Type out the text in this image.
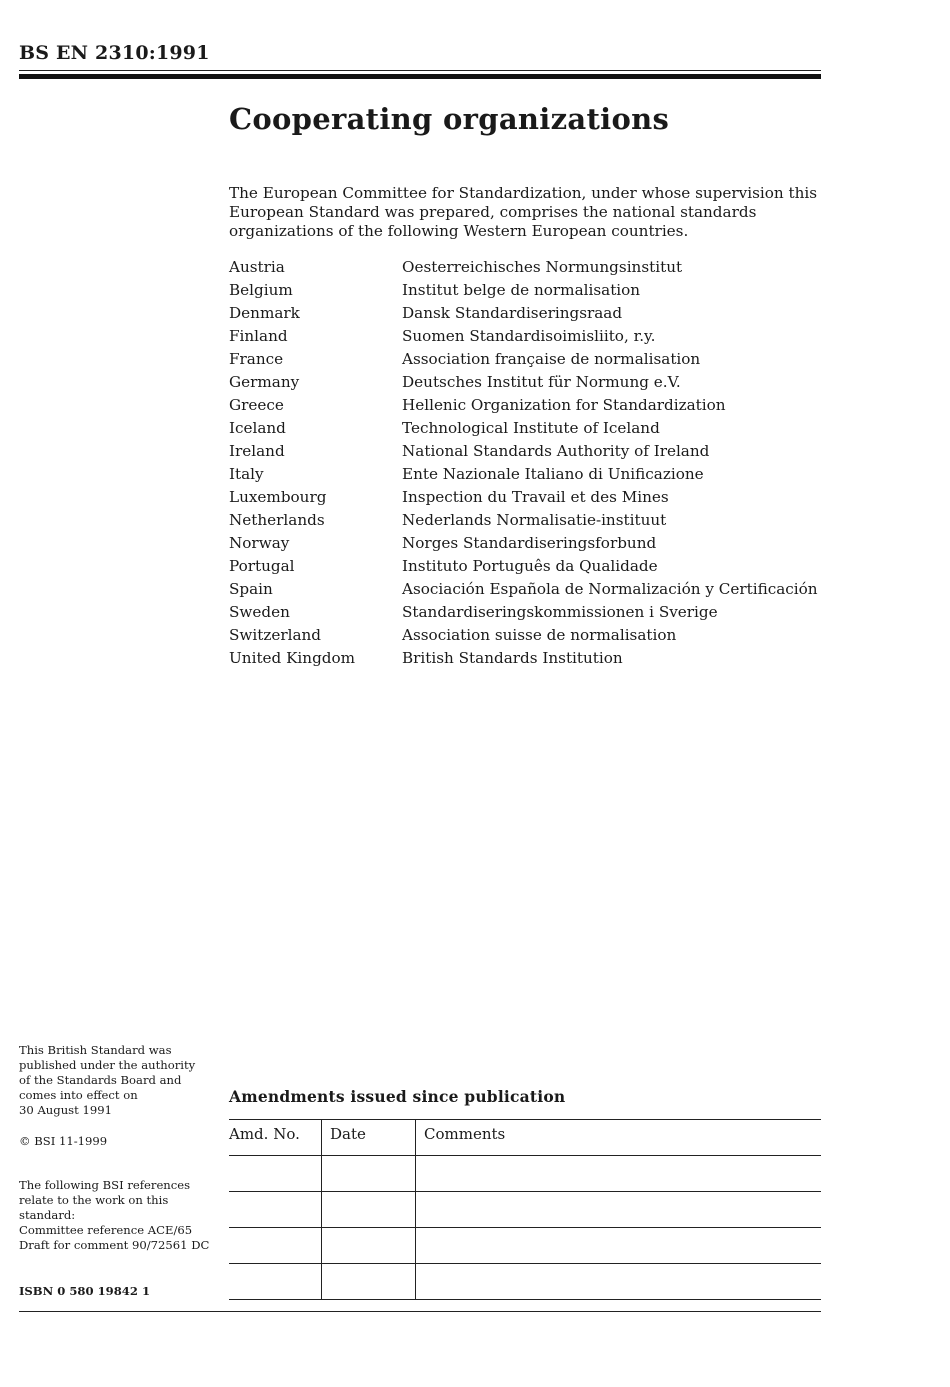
BS EN 2310:1991
Cooperating organizations
The European Committee for Standardization, under whose supervision this European Standard was prepared, comprises the national standards organizations of the following Western European countries.
Austria	Oesterreichisches Normungsinstitut
Belgium	Institut belge de normalisation
Denmark	Dansk Standardiseringsraad
Finland	Suomen Standardisoimisliito, r.y.
France	Association française de normalisation
Germany	Deutsches Institut für Normung e.V.
Greece	Hellenic Organization for Standardization
Iceland	Technological Institute of Iceland
Ireland	National Standards Authority of Ireland
Italy	Ente Nazionale Italiano di Unificazione
Luxembourg	Inspection du Travail et des Mines
Netherlands	Nederlands Normalisatie-instituut
Norway	Norges Standardiseringsforbund
Portugal	Instituto Português da Qualidade
Spain	Asociación Española de Normalización y Certificación
Sweden	Standardiseringskommissionen i Sverige
Switzerland	Association suisse de normalisation
United Kingdom	British Standards Institution
This British Standard was
published under the authority
of the Standards Board and
comes into effect on
30 August 1991
© BSI 11-1999
The following BSI references
relate to the work on this
standard:
Committee reference ACE/65
Draft for comment 90/72561 DC
ISBN 0 580 19842 1
Amendments issued since publication
Amd. No.	Date	Comments
